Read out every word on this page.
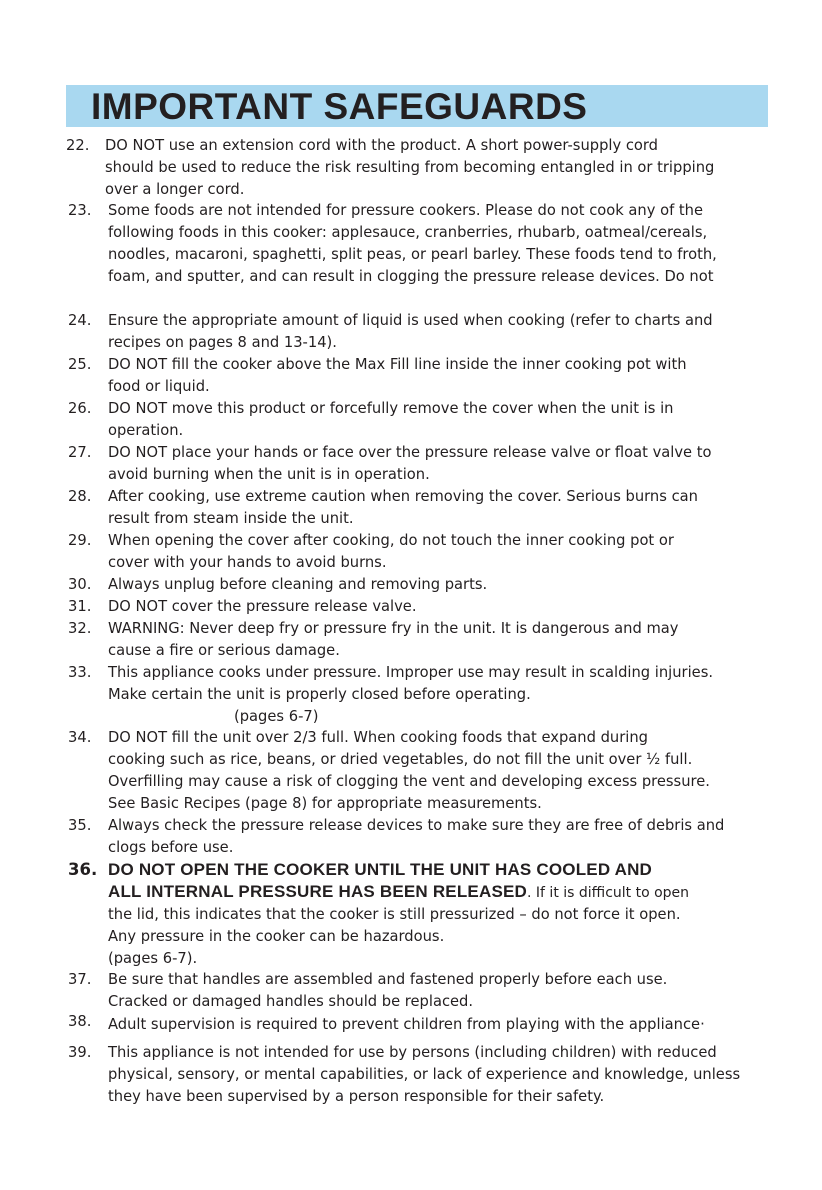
IMPORTANT SAFEGUARDS
22.	DO NOT use an extension cord with the product. A short power-supply cord
should be used to reduce the risk resulting from becoming entangled in or tripping
over a longer cord.
23.	Some foods are not intended for pressure cookers. Please do not cook any of the
following foods in this cooker: applesauce, cranberries, rhubarb, oatmeal/cereals,
noodles, macaroni, spaghetti, split peas, or pearl barley. These foods tend to froth,
foam, and sputter, and can result in clogging the pressure release devices. Do not
24.	Ensure the appropriate amount of liquid is used when cooking (refer to charts and
recipes on pages 8 and 13-14).
25.	DO NOT fill the cooker above the Max Fill line inside the inner cooking pot with
food or liquid.
26.	DO NOT move this product or forcefully remove the cover when the unit is in
operation.
27.	DO NOT place your hands or face over the pressure release valve or float valve to
avoid burning when the unit is in operation.
28.	After cooking, use extreme caution when removing the cover. Serious burns can
result from steam inside the unit.
29.	When opening the cover after cooking, do not touch the inner cooking pot or
cover with your hands to avoid burns.
30.	Always unplug before cleaning and removing parts.
31.	DO NOT cover the pressure release valve.
32.	WARNING: Never deep fry or pressure fry in the unit. It is dangerous and may
cause a fire or serious damage.
33.	This appliance cooks under pressure. Improper use may result in scalding injuries.
Make certain the unit is properly closed before operating.
(pages 6-7)
34.	DO NOT fill the unit over 2/3 full. When cooking foods that expand during
cooking such as rice, beans, or dried vegetables, do not fill the unit over ½ full.
Overfilling may cause a risk of clogging the vent and developing excess pressure.
See Basic Recipes (page 8) for appropriate measurements.
35.	Always check the pressure release devices to make sure they are free of debris and
clogs before use.
36. DO NOT OPEN THE COOKER UNTIL THE UNIT HAS COOLED AND
ALL INTERNAL PRESSURE HAS BEEN RELEASED. If it is difficult to open
the lid, this indicates that the cooker is still pressurized – do not force it open.
Any pressure in the cooker can be hazardous.
(pages 6-7).
37.	Be sure that handles are assembled and fastened properly before each use.
Cracked or damaged handles should be replaced.
38.	Adult supervision is required to prevent children from playing with the appliance·
39.	This appliance is not intended for use by persons (including children) with reduced
physical, sensory, or mental capabilities, or lack of experience and knowledge, unless
they have been supervised by a person responsible for their safety.
